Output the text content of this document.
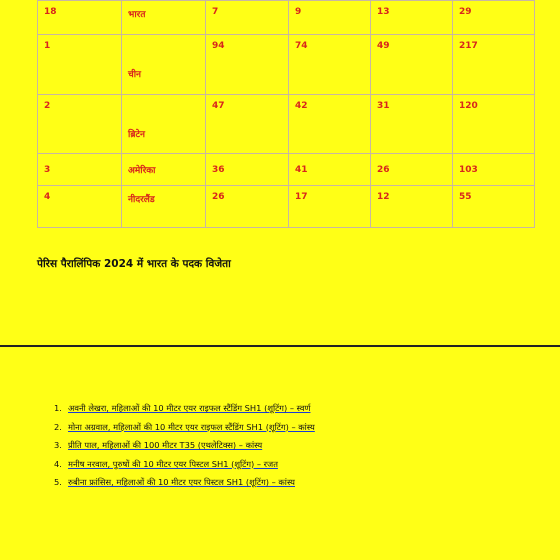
18	भारत	7	9	13	29
1	चीन	94	74	49	217
2	ब्रिटेन	47	42	31	120
3	अमेरिका	36	41	26	103
4	नीदरलैंड	26	17	12	55
पेरिस पैरालिंपिक 2024 में भारत के पदक विजेता
1. अवनी लेखरा, महिलाओं की 10 मीटर एयर राइफल स्टैंडिंग SH1 (शूटिंग) – स्वर्ण
2. मोना अग्रवाल, महिलाओं की 10 मीटर एयर राइफल स्टैंडिंग SH1 (शूटिंग) – कांस्य
3. प्रीति पाल, महिलाओं की 100 मीटर T35 (एथलेटिक्स) – कांस्य
4. मनीष नरवाल, पुरुषों की 10 मीटर एयर पिस्टल SH1 (शूटिंग) – रजत
5. रुबीना फ्रांसिस, महिलाओं की 10 मीटर एयर पिस्टल SH1 (शूटिंग) – कांस्य
